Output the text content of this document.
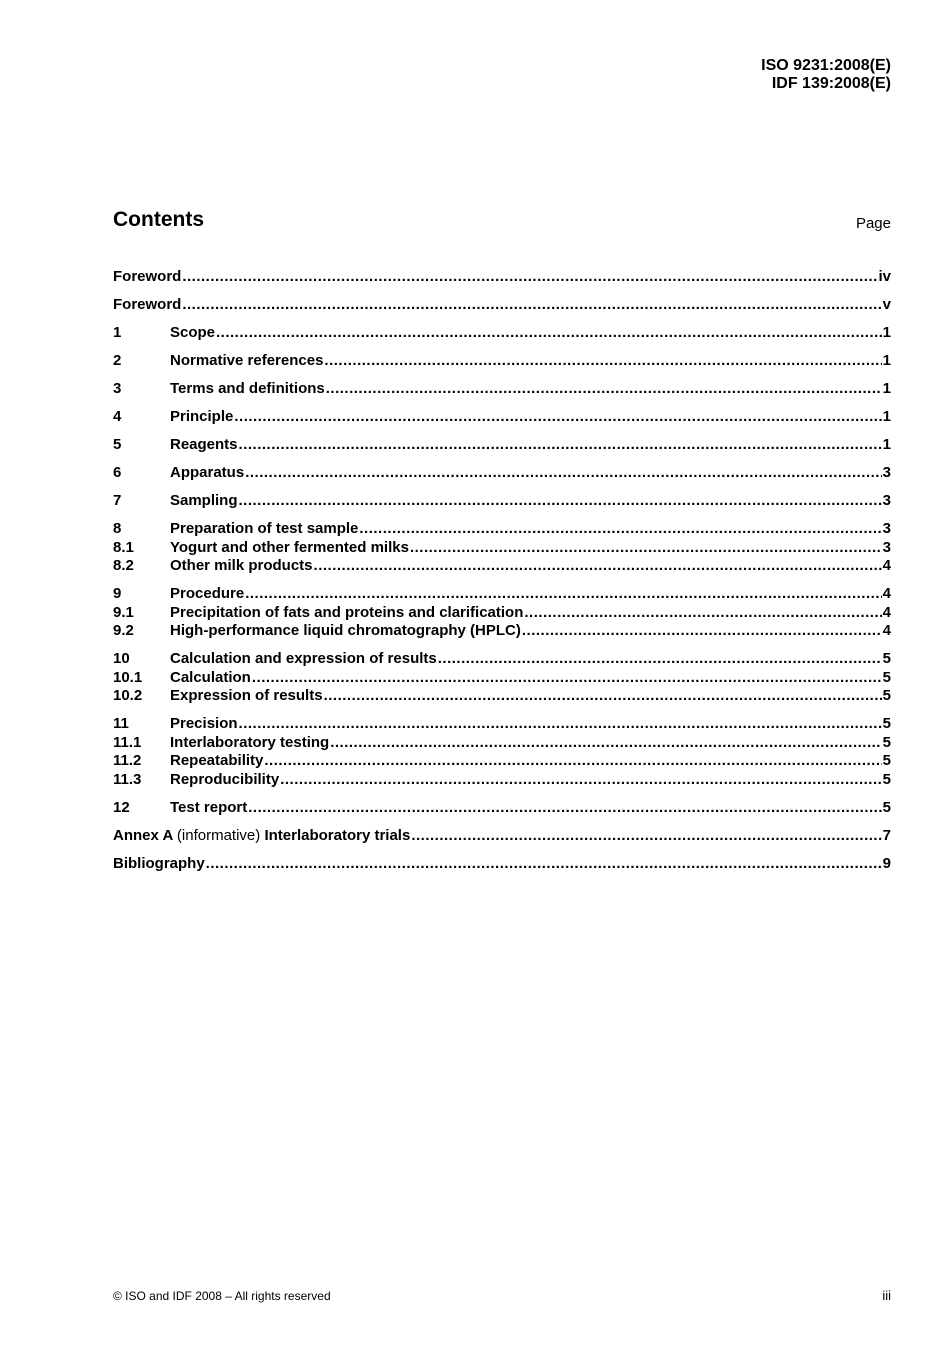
ISO 9231:2008(E)
IDF 139:2008(E)
Contents	Page
Foreword .....	iv
Foreword .....	v
1	Scope .....	1
2	Normative references .....	1
3	Terms and definitions .....	1
4	Principle .....	1
5	Reagents .....	1
6	Apparatus .....	3
7	Sampling .....	3
8	Preparation of test sample .....	3
8.1	Yogurt and other fermented milks .....	3
8.2	Other milk products .....	4
9	Procedure .....	4
9.1	Precipitation of fats and proteins and clarification .....	4
9.2	High-performance liquid chromatography (HPLC) .....	4
10	Calculation and expression of results .....	5
10.1	Calculation .....	5
10.2	Expression of results .....	5
11	Precision .....	5
11.1	Interlaboratory testing .....	5
11.2	Repeatability .....	5
11.3	Reproducibility .....	5
12	Test report .....	5
Annex A (informative) Interlaboratory trials .....	7
Bibliography .....	9
© ISO and IDF 2008 – All rights reserved	iii
